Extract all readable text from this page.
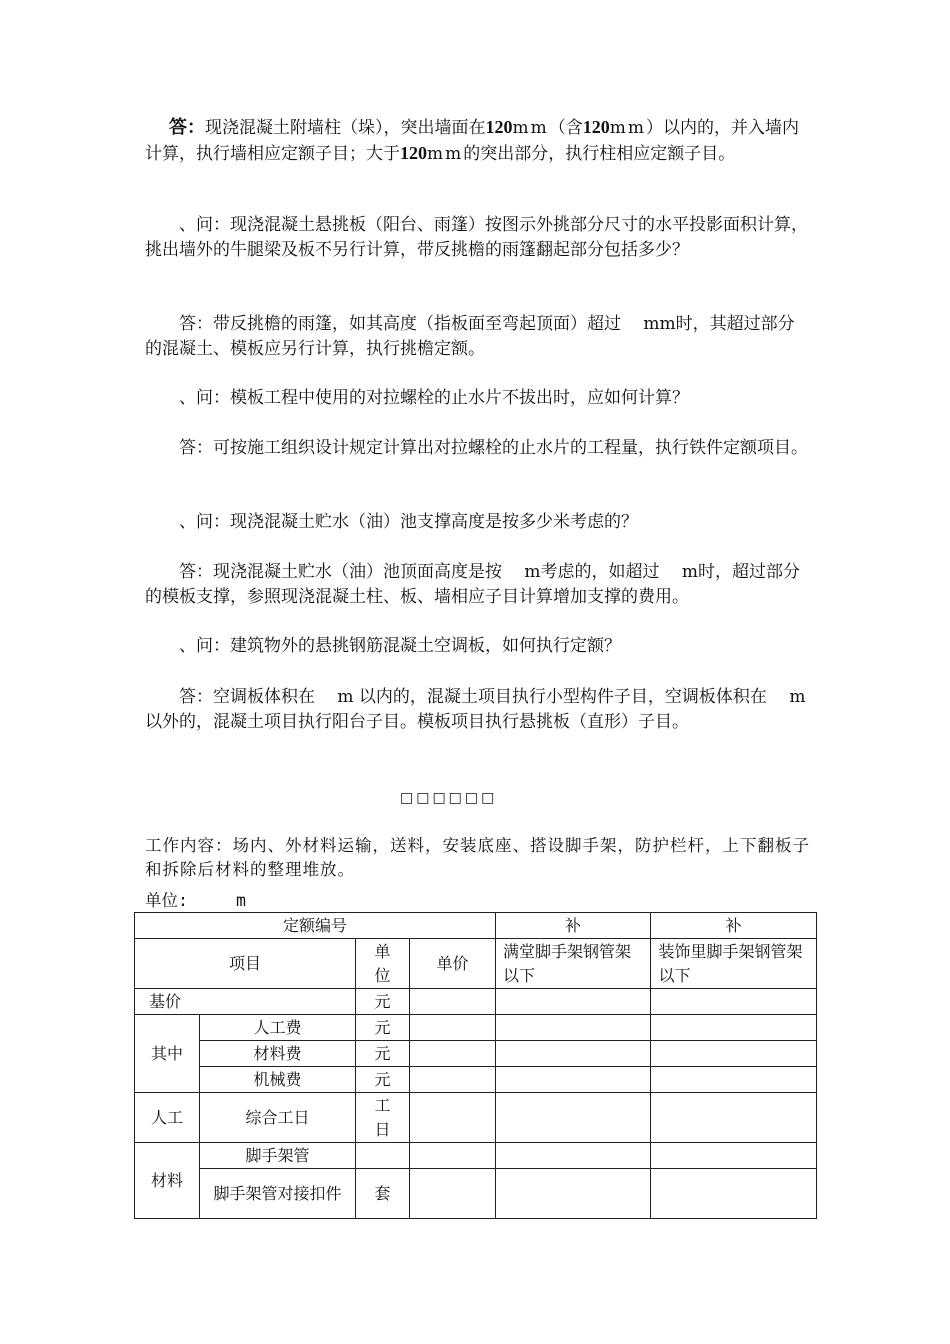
答：现浇混凝土附墙柱（垛），突出墙面在120mm（含120mm）以内的，并入墙内计算，执行墙相应定额子目；大于120mm的突出部分，执行柱相应定额子目。
、问：现浇混凝土悬挑板（阳台、雨篷）按图示外挑部分尺寸的水平投影面积计算，挑出墙外的牛腿梁及板不另行计算，带反挑檐的雨篷翻起部分包括多少？
答：带反挑檐的雨篷，如其高度（指板面至弯起顶面）超过　 mm时，其超过部分的混凝土、模板应另行计算，执行挑檐定额。
、问：模板工程中使用的对拉螺栓的止水片不拔出时，应如何计算？
答：可按施工组织设计规定计算出对拉螺栓的止水片的工程量，执行铁件定额项目。
、问：现浇混凝土贮水（油）池支撑高度是按多少米考虑的？
答：现浇混凝土贮水（油）池顶面高度是按　 m考虑的，如超过　 m时，超过部分的模板支撑，参照现浇混凝土柱、板、墙相应子目计算增加支撑的费用。
、问：建筑物外的悬挑钢筋混凝土空调板，如何执行定额？
答：空调板体积在　 m 以内的，混凝土项目执行小型构件子目，空调板体积在　 m 以外的，混凝土项目执行阳台子目。模板项目执行悬挑板（直形）子目。
□□□□□□
工作内容：场内、外材料运输，送料，安装底座、搭设脚手架，防护栏杆，上下翻板子和拆除后材料的整理堆放。
单位:	m
定额编号				补	补
项目		单位	单价	满堂脚手架钢管架　　以下	装饰里脚手架钢管架　　以下

基价		元			
其中	人工费	元			
	材料费	元			
	机械费	元			
人工	综合工日	工日			

材料	脚手架管				

	脚手架管对接扣件	套			
